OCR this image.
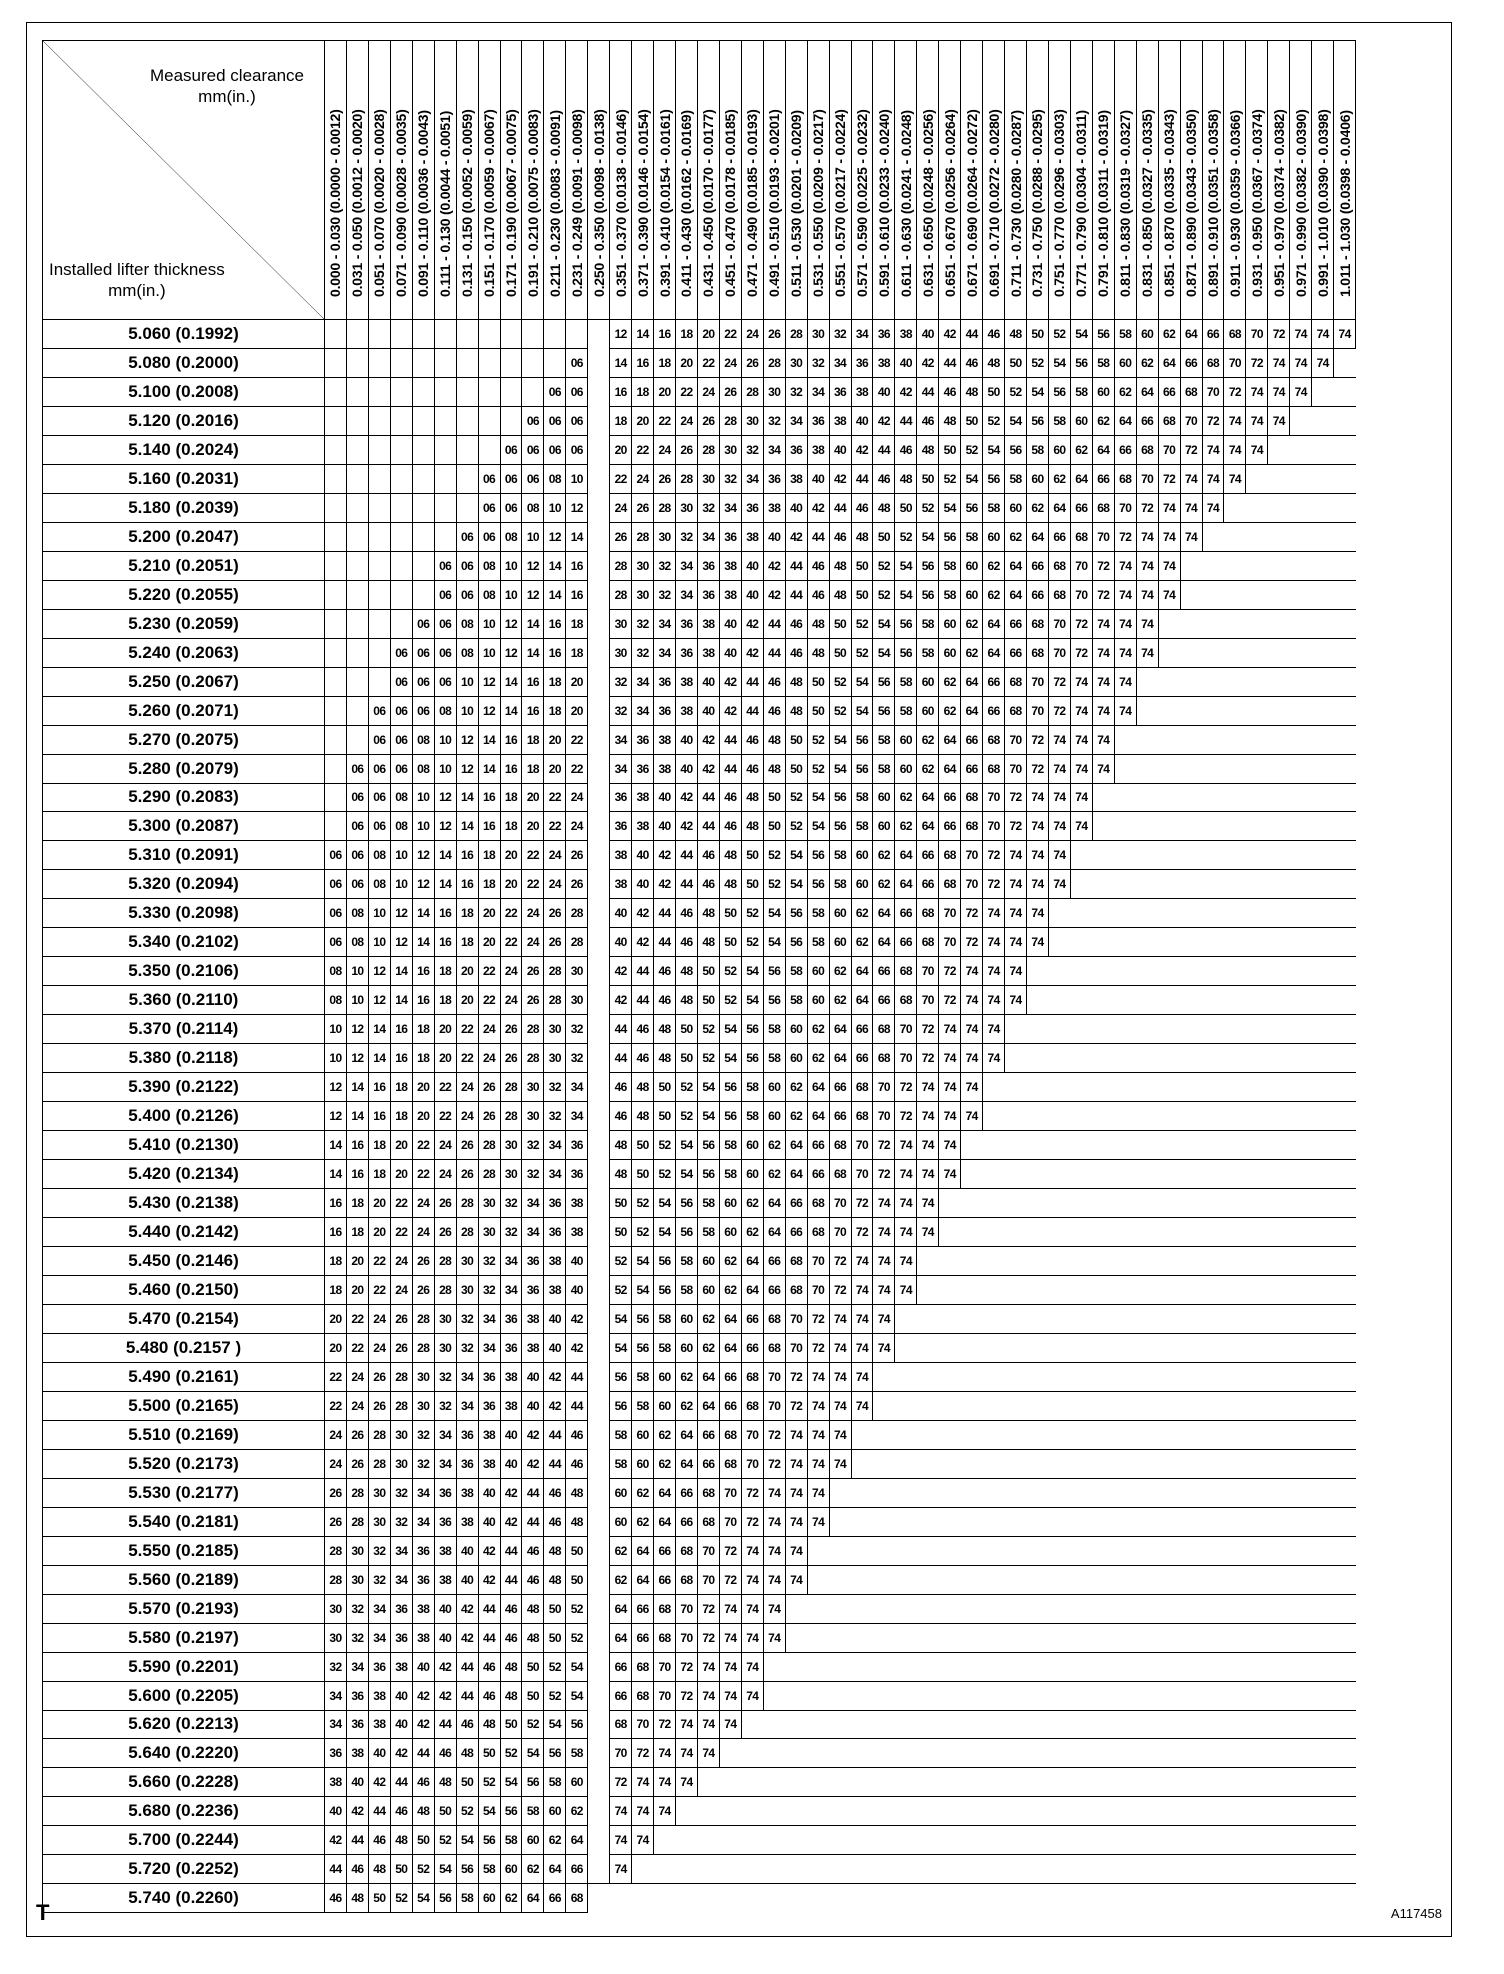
Measured clearance
mm(in.)
Installed lifter thickness
mm(in.)	0.000 - 0.030 (0.0000 - 0.0012)	0.031 - 0.050 (0.0012 - 0.0020)	0.051 - 0.070 (0.0020 - 0.0028)	0.071 - 0.090 (0.0028 - 0.0035)	0.091 - 0.110 (0.0036 - 0.0043)	0.111 - 0.130 (0.0044 - 0.0051)	0.131 - 0.150 (0.0052 - 0.0059)	0.151 - 0.170 (0.0059 - 0.0067)	0.171 - 0.190 (0.0067 - 0.0075)	0.191 - 0.210 (0.0075 - 0.0083)	0.211 - 0.230 (0.0083 - 0.0091)	0.231 - 0.249 (0.0091 - 0.0098)	0.250 - 0.350 (0.0098 - 0.0138)	0.351 - 0.370 (0.0138 - 0.0146)	0.371 - 0.390 (0.0146 - 0.0154)	0.391 - 0.410 (0.0154 - 0.0161)	0.411 - 0.430 (0.0162 - 0.0169)	0.431 - 0.450 (0.0170 - 0.0177)	0.451 - 0.470 (0.0178 - 0.0185)	0.471 - 0.490 (0.0185 - 0.0193)	0.491 - 0.510 (0.0193 - 0.0201)	0.511 - 0.530 (0.0201 - 0.0209)	0.531 - 0.550 (0.0209 - 0.0217)	0.551 - 0.570 (0.0217 - 0.0224)	0.571 - 0.590 (0.0225 - 0.0232)	0.591 - 0.610 (0.0233 - 0.0240)	0.611 - 0.630 (0.0241 - 0.0248)	0.631 - 0.650 (0.0248 - 0.0256)	0.651 - 0.670 (0.0256 - 0.0264)	0.671 - 0.690 (0.0264 - 0.0272)	0.691 - 0.710 (0.0272 - 0.0280)	0.711 - 0.730 (0.0280 - 0.0287)	0.731 - 0.750 (0.0288 - 0.0295)	0.751 - 0.770 (0.0296 - 0.0303)	0.771 - 0.790 (0.0304 - 0.0311)	0.791 - 0.810 (0.0311 - 0.0319)	0.811 - 0.830 (0.0319 - 0.0327)	0.831 - 0.850 (0.0327 - 0.0335)	0.851 - 0.870 (0.0335 - 0.0343)	0.871 - 0.890 (0.0343 - 0.0350)	0.891 - 0.910 (0.0351 - 0.0358)	0.911 - 0.930 (0.0359 - 0.0366)	0.931 - 0.950 (0.0367 - 0.0374)	0.951 - 0.970 (0.0374 - 0.0382)	0.971 - 0.990 (0.0382 - 0.0390)	0.991 - 1.010 (0.0390 - 0.0398)	1.011 - 1.030 (0.0398 - 0.0406)

5.060 (0.1992)														12	14	16	18	20	22	24	26	28	30	32	34	36	38	40	42	44	46	48	50	52	54	56	58	60	62	64	66	68	70	72	74	74	74
5.080 (0.2000)												06		14	16	18	20	22	24	26	28	30	32	34	36	38	40	42	44	46	48	50	52	54	56	58	60	62	64	66	68	70	72	74	74	74	
5.100 (0.2008)											06	06		16	18	20	22	24	26	28	30	32	34	36	38	40	42	44	46	48	50	52	54	56	58	60	62	64	66	68	70	72	74	74	74		
5.120 (0.2016)										06	06	06		18	20	22	24	26	28	30	32	34	36	38	40	42	44	46	48	50	52	54	56	58	60	62	64	66	68	70	72	74	74	74			
5.140 (0.2024)									06	06	06	06		20	22	24	26	28	30	32	34	36	38	40	42	44	46	48	50	52	54	56	58	60	62	64	66	68	70	72	74	74	74				
5.160 (0.2031)								06	06	06	08	10		22	24	26	28	30	32	34	36	38	40	42	44	46	48	50	52	54	56	58	60	62	64	66	68	70	72	74	74	74					
5.180 (0.2039)								06	06	08	10	12		24	26	28	30	32	34	36	38	40	42	44	46	48	50	52	54	56	58	60	62	64	66	68	70	72	74	74	74						
5.200 (0.2047)							06	06	08	10	12	14		26	28	30	32	34	36	38	40	42	44	46	48	50	52	54	56	58	60	62	64	66	68	70	72	74	74	74							
5.210 (0.2051)						06	06	08	10	12	14	16		28	30	32	34	36	38	40	42	44	46	48	50	52	54	56	58	60	62	64	66	68	70	72	74	74	74								
5.220 (0.2055)						06	06	08	10	12	14	16		28	30	32	34	36	38	40	42	44	46	48	50	52	54	56	58	60	62	64	66	68	70	72	74	74	74								
5.230 (0.2059)					06	06	08	10	12	14	16	18		30	32	34	36	38	40	42	44	46	48	50	52	54	56	58	60	62	64	66	68	70	72	74	74	74									
5.240 (0.2063)				06	06	06	08	10	12	14	16	18		30	32	34	36	38	40	42	44	46	48	50	52	54	56	58	60	62	64	66	68	70	72	74	74	74									
5.250 (0.2067)				06	06	06	10	12	14	16	18	20		32	34	36	38	40	42	44	46	48	50	52	54	56	58	60	62	64	66	68	70	72	74	74	74										
5.260 (0.2071)			06	06	06	08	10	12	14	16	18	20		32	34	36	38	40	42	44	46	48	50	52	54	56	58	60	62	64	66	68	70	72	74	74	74										
5.270 (0.2075)			06	06	08	10	12	14	16	18	20	22		34	36	38	40	42	44	46	48	50	52	54	56	58	60	62	64	66	68	70	72	74	74	74											
5.280 (0.2079)		06	06	06	08	10	12	14	16	18	20	22		34	36	38	40	42	44	46	48	50	52	54	56	58	60	62	64	66	68	70	72	74	74	74											
5.290 (0.2083)		06	06	08	10	12	14	16	18	20	22	24		36	38	40	42	44	46	48	50	52	54	56	58	60	62	64	66	68	70	72	74	74	74												
5.300 (0.2087)		06	06	08	10	12	14	16	18	20	22	24		36	38	40	42	44	46	48	50	52	54	56	58	60	62	64	66	68	70	72	74	74	74												
5.310 (0.2091)	06	06	08	10	12	14	16	18	20	22	24	26		38	40	42	44	46	48	50	52	54	56	58	60	62	64	66	68	70	72	74	74	74													
5.320 (0.2094)	06	06	08	10	12	14	16	18	20	22	24	26		38	40	42	44	46	48	50	52	54	56	58	60	62	64	66	68	70	72	74	74	74													
5.330 (0.2098)	06	08	10	12	14	16	18	20	22	24	26	28		40	42	44	46	48	50	52	54	56	58	60	62	64	66	68	70	72	74	74	74														
5.340 (0.2102)	06	08	10	12	14	16	18	20	22	24	26	28		40	42	44	46	48	50	52	54	56	58	60	62	64	66	68	70	72	74	74	74														
5.350 (0.2106)	08	10	12	14	16	18	20	22	24	26	28	30		42	44	46	48	50	52	54	56	58	60	62	64	66	68	70	72	74	74	74															
5.360 (0.2110)	08	10	12	14	16	18	20	22	24	26	28	30		42	44	46	48	50	52	54	56	58	60	62	64	66	68	70	72	74	74	74															
5.370 (0.2114)	10	12	14	16	18	20	22	24	26	28	30	32		44	46	48	50	52	54	56	58	60	62	64	66	68	70	72	74	74	74																
5.380 (0.2118)	10	12	14	16	18	20	22	24	26	28	30	32		44	46	48	50	52	54	56	58	60	62	64	66	68	70	72	74	74	74																
5.390 (0.2122)	12	14	16	18	20	22	24	26	28	30	32	34		46	48	50	52	54	56	58	60	62	64	66	68	70	72	74	74	74																	
5.400 (0.2126)	12	14	16	18	20	22	24	26	28	30	32	34		46	48	50	52	54	56	58	60	62	64	66	68	70	72	74	74	74																	
5.410 (0.2130)	14	16	18	20	22	24	26	28	30	32	34	36		48	50	52	54	56	58	60	62	64	66	68	70	72	74	74	74																		
5.420 (0.2134)	14	16	18	20	22	24	26	28	30	32	34	36		48	50	52	54	56	58	60	62	64	66	68	70	72	74	74	74																		
5.430 (0.2138)	16	18	20	22	24	26	28	30	32	34	36	38		50	52	54	56	58	60	62	64	66	68	70	72	74	74	74																			
5.440 (0.2142)	16	18	20	22	24	26	28	30	32	34	36	38		50	52	54	56	58	60	62	64	66	68	70	72	74	74	74																			
5.450 (0.2146)	18	20	22	24	26	28	30	32	34	36	38	40		52	54	56	58	60	62	64	66	68	70	72	74	74	74																				
5.460 (0.2150)	18	20	22	24	26	28	30	32	34	36	38	40		52	54	56	58	60	62	64	66	68	70	72	74	74	74																				
5.470 (0.2154)	20	22	24	26	28	30	32	34	36	38	40	42		54	56	58	60	62	64	66	68	70	72	74	74	74																					
5.480 (0.2157 )	20	22	24	26	28	30	32	34	36	38	40	42		54	56	58	60	62	64	66	68	70	72	74	74	74																					
5.490 (0.2161)	22	24	26	28	30	32	34	36	38	40	42	44		56	58	60	62	64	66	68	70	72	74	74	74																						
5.500 (0.2165)	22	24	26	28	30	32	34	36	38	40	42	44		56	58	60	62	64	66	68	70	72	74	74	74																						
5.510 (0.2169)	24	26	28	30	32	34	36	38	40	42	44	46		58	60	62	64	66	68	70	72	74	74	74																							
5.520 (0.2173)	24	26	28	30	32	34	36	38	40	42	44	46		58	60	62	64	66	68	70	72	74	74	74																							
5.530 (0.2177)	26	28	30	32	34	36	38	40	42	44	46	48		60	62	64	66	68	70	72	74	74	74																								
5.540 (0.2181)	26	28	30	32	34	36	38	40	42	44	46	48		60	62	64	66	68	70	72	74	74	74																								
5.550 (0.2185)	28	30	32	34	36	38	40	42	44	46	48	50		62	64	66	68	70	72	74	74	74																									
5.560 (0.2189)	28	30	32	34	36	38	40	42	44	46	48	50		62	64	66	68	70	72	74	74	74																									
5.570 (0.2193)	30	32	34	36	38	40	42	44	46	48	50	52		64	66	68	70	72	74	74	74																										
5.580 (0.2197)	30	32	34	36	38	40	42	44	46	48	50	52		64	66	68	70	72	74	74	74																										
5.590 (0.2201)	32	34	36	38	40	42	44	46	48	50	52	54		66	68	70	72	74	74	74																											
5.600 (0.2205)	34	36	38	40	42	42	44	46	48	50	52	54		66	68	70	72	74	74	74																											
5.620 (0.2213)	34	36	38	40	42	44	46	48	50	52	54	56		68	70	72	74	74	74																												
5.640 (0.2220)	36	38	40	42	44	46	48	50	52	54	56	58		70	72	74	74	74																													
5.660 (0.2228)	38	40	42	44	46	48	50	52	54	56	58	60		72	74	74	74																														
5.680 (0.2236)	40	42	44	46	48	50	52	54	56	58	60	62		74	74	74																															
5.700 (0.2244)	42	44	46	48	50	52	54	56	58	60	62	64		74	74																																
5.720 (0.2252)	44	46	48	50	52	54	56	58	60	62	64	66		74																																	
5.740 (0.2260)	46	48	50	52	54	56	58	60	62	64	66	68																																			
T	A117458
